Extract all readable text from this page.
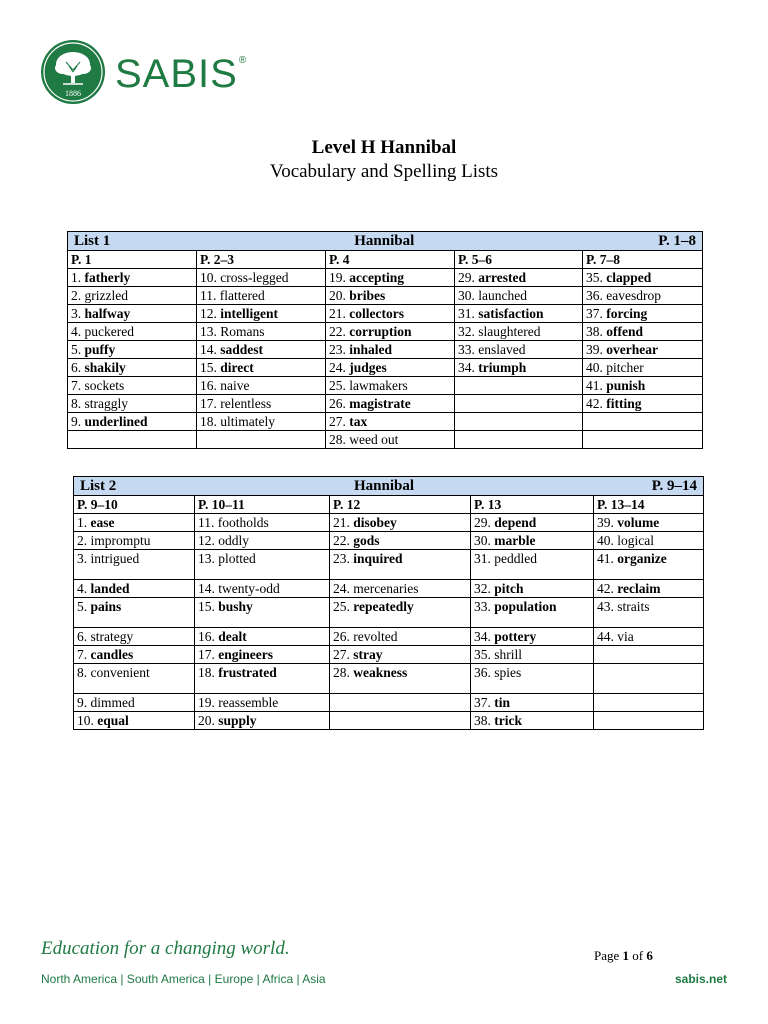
1886 SABIS®
Level H Hannibal
Vocabulary and Spelling Lists
List 1 Hannibal P. 1–8				

P. 1	P. 2–3	P. 4	P. 5–6	P. 7–8
1. fatherly	10. cross-legged	19. accepting	29. arrested	35. clapped
2. grizzled	11. flattered	20. bribes	30. launched	36. eavesdrop
3. halfway	12. intelligent	21. collectors	31. satisfaction	37. forcing
4. puckered	13. Romans	22. corruption	32. slaughtered	38. offend
5. puffy	14. saddest	23. inhaled	33. enslaved	39. overhear
6. shakily	15. direct	24. judges	34. triumph	40. pitcher
7. sockets	16. naive	25. lawmakers		41. punish
8. straggly	17. relentless	26. magistrate		42. fitting
9. underlined	18. ultimately	27. tax		
		28. weed out		
List 2 Hannibal P. 9–14				

P. 9–10	P. 10–11	P. 12	P. 13	P. 13–14
1. ease	11. footholds	21. disobey	29. depend	39. volume
2. impromptu	12. oddly	22. gods	30. marble	40. logical
3. intrigued	13. plotted	23. inquired	31. peddled	41. organize
4. landed	14. twenty-odd	24. mercenaries	32. pitch	42. reclaim
5. pains	15. bushy	25. repeatedly	33. population	43. straits
6. strategy	16. dealt	26. revolted	34. pottery	44. via
7. candles	17. engineers	27. stray	35. shrill	
8. convenient	18. frustrated	28. weakness	36. spies	
9. dimmed	19. reassemble		37. tin	
10. equal	20. supply		38. trick	
Education for a changing world.	Page 1 of 6
North America | South America | Europe | Africa | Asia	sabis.net
